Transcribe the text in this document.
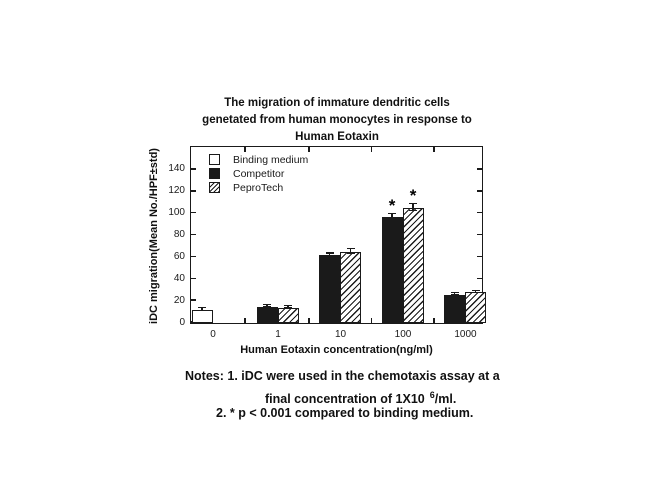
The migration of immature dendritic cells
genetated from human monocytes in response to
Human Eotaxin
iDC migration(Mean No./HPF±std)	Binding medium
Competitor
PeproTech
*
*
Human Eotaxin concentration(ng/ml)
Notes: 1. iDC were used in the chemotaxis assay at a
final concentration of 1X10 $^6$/ml.
2. * p < 0.001 compared to binding medium.
0
20
40
60
80
100
120
140
0	1	10	100	1000
